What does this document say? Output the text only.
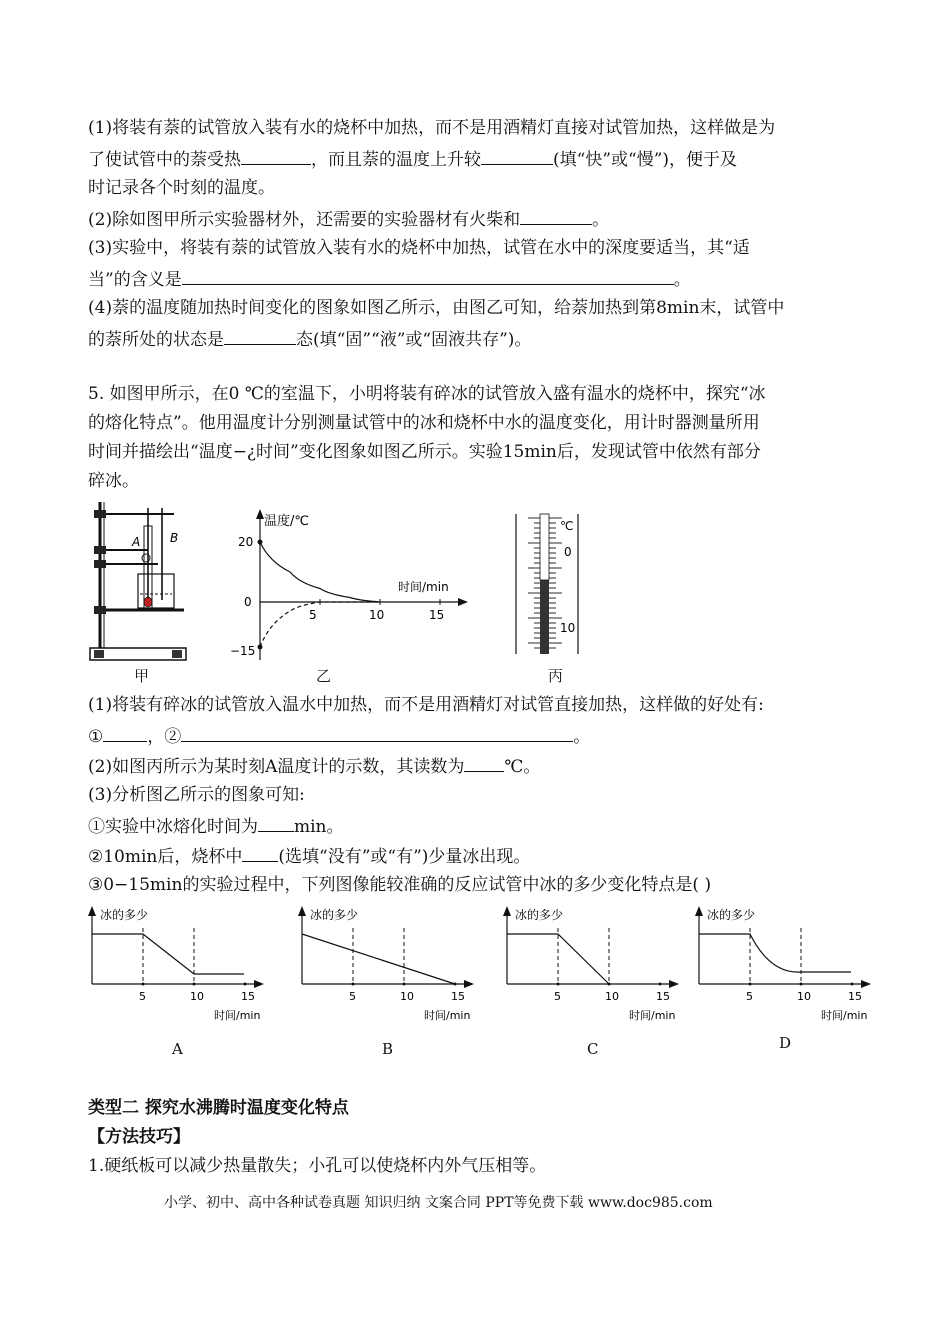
(1)将装有萘的试管放入装有水的烧杯中加热，而不是用酒精灯直接对试管加热，这样做是为
了使试管中的萘受热	，而且萘的温度上升较	(填“快”或“慢”)，便于及
时记录各个时刻的温度。
(2)除如图甲所示实验器材外，还需要的实验器材有火柴和	。
(3)实验中，将装有萘的试管放入装有水的烧杯中加热，试管在水中的深度要适当，其“适
当”的含义是	。
(4)萘的温度随加热时间变化的图象如图乙所示，由图乙可知，给萘加热到第8min末，试管中
的萘所处的状态是	态(填“固”“液”或“固液共存”)。
5. 如图甲所示，在0 ℃的室温下，小明将装有碎冰的试管放入盛有温水的烧杯中，探究“冰
的熔化特点”。他用温度计分别测量试管中的冰和烧杯中水的温度变化，用计时器测量所用
时间并描绘出“温度−¿时间”变化图象如图乙所示。实验15min后，发现试管中依然有部分
碎冰。
A B
甲
温度/℃
时间/min
20
0
−15
5	10	15
乙
℃
0
10
丙
(1)将装有碎冰的试管放入温水中加热，而不是用酒精灯对试管直接加热，这样做的好处有:
①	，②	。
(2)如图丙所示为某时刻A温度计的示数，其读数为 ℃。
(3)分析图乙所示的图象可知:
①实验中冰熔化时间为 min。
②10min后，烧杯中 (选填“没有”或“有”)少量冰出现。
③0−15min的实验过程中，下列图像能较准确的反应试管中冰的多少变化特点是( )
冰的多少
时间/min
5	10	15
A
冰的多少
时间/min
5	10	15
B
冰的多少
时间/min
5	10	15
C
冰的多少
时间/min
5	10	15
D
类型二 探究水沸腾时温度变化特点
【方法技巧】
1.硬纸板可以减少热量散失；小孔可以使烧杯内外气压相等。
小学、初中、高中各种试卷真题 知识归纳 文案合同 PPT等免费下载 www.doc985.com
